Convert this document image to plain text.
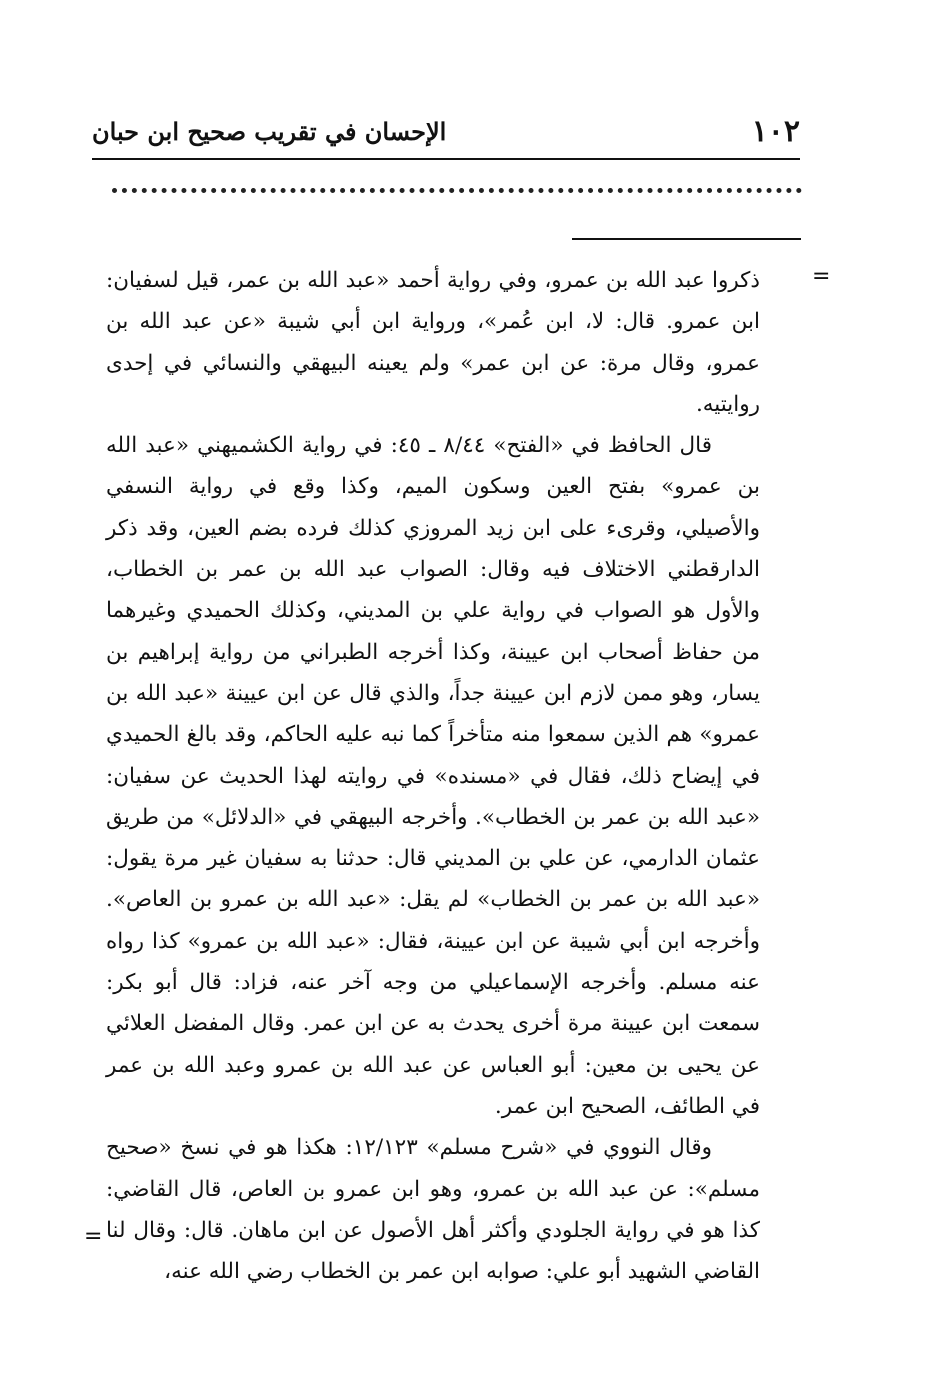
١٠٢
الإحسان في تقريب صحيح ابن حبان
=

ذكروا عبد الله بن عمرو، وفي رواية أحمد «عبد الله بن عمر، قيل لسفيان: ابن عمرو. قال: لا، ابن عُمر»، ورواية ابن أبي شيبة «عن عبد الله بن عمرو، وقال مرة: عن ابن عمر» ولم يعينه البيهقي والنسائي في إحدى روايتيه.

قال الحافظ في «الفتح» ٨/٤٤ ـ ٤٥: في رواية الكشميهني «عبد الله بن عمرو» بفتح العين وسكون الميم، وكذا وقع في رواية النسفي والأصيلي، وقرىء على ابن زيد المروزي كذلك فرده بضم العين، وقد ذكر الدارقطني الاختلاف فيه وقال: الصواب عبد الله بن عمر بن الخطاب، والأول هو الصواب في رواية علي بن المديني، وكذلك الحميدي وغيرهما من حفاظ أصحاب ابن عيينة، وكذا أخرجه الطبراني من رواية إبراهيم بن يسار، وهو ممن لازم ابن عيينة جداً، والذي قال عن ابن عيينة «عبد الله بن عمرو» هم الذين سمعوا منه متأخراً كما نبه عليه الحاكم، وقد بالغ الحميدي في إيضاح ذلك، فقال في «مسنده» في روايته لهذا الحديث عن سفيان: «عبد الله بن عمر بن الخطاب». وأخرجه البيهقي في «الدلائل» من طريق عثمان الدارمي، عن علي بن المديني قال: حدثنا به سفيان غير مرة يقول: «عبد الله بن عمر بن الخطاب» لم يقل: «عبد الله بن عمرو بن العاص». وأخرجه ابن أبي شيبة عن ابن عيينة، فقال: «عبد الله بن عمرو» كذا رواه عنه مسلم. وأخرجه الإسماعيلي من وجه آخر عنه، فزاد: قال أبو بكر: سمعت ابن عيينة مرة أخرى يحدث به عن ابن عمر. وقال المفضل العلائي عن يحيى بن معين: أبو العباس عن عبد الله بن عمرو وعبد الله بن عمر في الطائف، الصحيح ابن عمر.

وقال النووي في «شرح مسلم» ١٢/١٢٣: هكذا هو في نسخ «صحيح مسلم»: عن عبد الله بن عمرو، وهو ابن عمرو بن العاص، قال القاضي: كذا هو في رواية الجلودي وأكثر أهل الأصول عن ابن ماهان. قال: وقال لنا القاضي الشهيد أبو علي: صوابه ابن عمر بن الخطاب رضي الله عنه،

=
